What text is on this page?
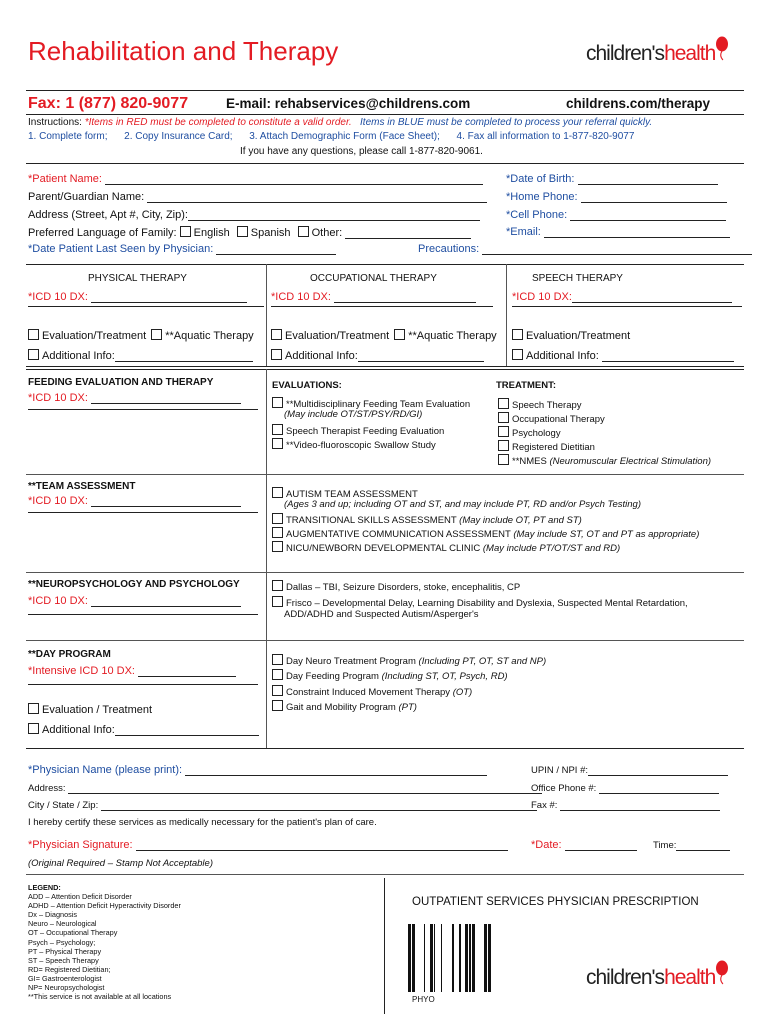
Rehabilitation and Therapy	children'shealth
Fax: 1 (877) 820-9077	E-mail: rehabservices@childrens.com	childrens.com/therapy
Instructions: *Items in RED must be completed to constitute a valid order. Items in BLUE must be completed to process your referral quickly.
1. Complete form; 2. Copy Insurance Card; 3. Attach Demographic Form (Face Sheet); 4. Fax all information to 1-877-820-9077
If you have any questions, please call 1-877-820-9061.
*Patient Name:
Parent/Guardian Name:
Address (Street, Apt #, City, Zip):
Preferred Language of Family: English Spanish Other:
*Date Patient Last Seen by Physician:	Precautions:
*Date of Birth:
*Home Phone:
*Cell Phone:
*Email:
PHYSICAL THERAPY	OCCUPATIONAL THERAPY	SPEECH THERAPY
*ICD 10 DX:	*ICD 10 DX:	*ICD 10 DX:
Evaluation/Treatment **Aquatic Therapy	Evaluation/Treatment **Aquatic Therapy	Evaluation/Treatment
Additional Info:	Additional Info:	Additional Info:
FEEDING EVALUATION AND THERAPY
*ICD 10 DX:
EVALUATIONS:
**Multidisciplinary Feeding Team Evaluation
(May include OT/ST/PSY/RD/GI)
Speech Therapist Feeding Evaluation
**Video-fluoroscopic Swallow Study
TREATMENT:
Speech Therapy
Occupational Therapy
Psychology
Registered Dietitian
**NMES (Neuromuscular Electrical Stimulation)
**TEAM ASSESSMENT
*ICD 10 DX:
AUTISM TEAM ASSESSMENT
(Ages 3 and up; including OT and ST, and may include PT, RD and/or Psych Testing)
TRANSITIONAL SKILLS ASSESSMENT (May include OT, PT and ST)
AUGMENTATIVE COMMUNICATION ASSESSMENT (May include ST, OT and PT as appropriate)
NICU/NEWBORN DEVELOPMENTAL CLINIC (May include PT/OT/ST and RD)
**NEUROPSYCHOLOGY AND PSYCHOLOGY
*ICD 10 DX:
Dallas – TBI, Seizure Disorders, stoke, encephalitis, CP
Frisco – Developmental Delay, Learning Disability and Dyslexia, Suspected Mental Retardation,
ADD/ADHD and Suspected Autism/Asperger's
**DAY PROGRAM
*Intensive ICD 10 DX:
Evaluation / Treatment
Additional Info:
Day Neuro Treatment Program (Including PT, OT, ST and NP)
Day Feeding Program (Including ST, OT, Psych, RD)
Constraint Induced Movement Therapy (OT)
Gait and Mobility Program (PT)
*Physician Name (please print):	UPIN / NPI #:
Address:	Office Phone #:
City / State / Zip:	Fax #:
I hereby certify these services as medically necessary for the patient's plan of care.
*Physician Signature:	*Date:	Time:
(Original Required – Stamp Not Acceptable)
LEGEND:
ADD – Attention Deficit Disorder
ADHD – Attention Deficit Hyperactivity Disorder
Dx – Diagnosis
Neuro – Neurological
OT – Occupational Therapy
Psych – Psychology;
PT – Physical Therapy
ST – Speech Therapy
RD= Registered Dietitian;
GI= Gastroenterologist
NP= Neuropsychologist
**This service is not available at all locations
OUTPATIENT SERVICES PHYSICIAN PRESCRIPTION
PHYO
children'shealth
